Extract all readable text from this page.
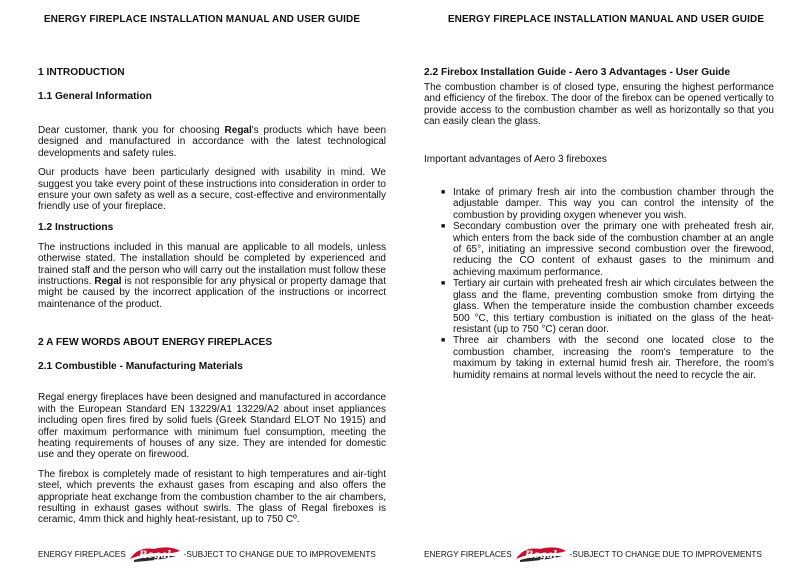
ENERGY FIREPLACE INSTALLATION MANUAL AND USER GUIDE
1 INTRODUCTION
1.1 General Information

Dear customer, thank you for choosing Regal's products which have been designed and manufactured in accordance with the latest technological developments and safety rules.

Our products have been particularly designed with usability in mind. We suggest you take every point of these instructions into consideration in order to ensure your own safety as well as a secure, cost-effective and environmentally friendly use of your fireplace.

1.2 Instructions

The instructions included in this manual are applicable to all models, unless otherwise stated. The installation should be completed by experienced and trained staff and the person who will carry out the installation must follow these instructions. Regal is not responsible for any physical or property damage that might be caused by the incorrect application of the instructions or incorrect maintenance of the product.

2 A FEW WORDS ABOUT ENERGY FIREPLACES
2.1 Combustible - Manufacturing Materials

Regal energy fireplaces have been designed and manufactured in accordance with the European Standard EN 13229/A1 13229/A2 about inset appliances including open fires fired by solid fuels (Greek Standard ELOT No 1915) and offer maximum performance with minimum fuel consumption, meeting the heating requirements of houses of any size. They are intended for domestic use and they operate on firewood.

The firebox is completely made of resistant to high temperatures and air-tight steel, which prevents the exhaust gases from escaping and also offers the appropriate heat exchange from the combustion chamber to the air chambers, resulting in exhaust gases without swirls. The glass of Regal fireboxes is ceramic, 4mm thick and highly heat-resistant, up to 750 Cº.

ENERGY FIREPLACES Regal -SUBJECT TO CHANGE DUE TO IMPROVEMENTS
ENERGY FIREPLACE INSTALLATION MANUAL AND USER GUIDE
2.2 Firebox Installation Guide - Aero 3 Advantages - User Guide

The combustion chamber is of closed type, ensuring the highest performance and efficiency of the firebox. The door of the firebox can be opened vertically to provide access to the combustion chamber as well as horizontally so that you can easily clean the glass.

Important advantages of Aero 3 fireboxes

■ Intake of primary fresh air into the combustion chamber through the adjustable damper. This way you can control the intensity of the combustion by providing oxygen whenever you wish.
■ Secondary combustion over the primary one with preheated fresh air, which enters from the back side of the combustion chamber at an angle of 65°, initiating an impressive second combustion over the firewood, reducing the CO content of exhaust gases to the minimum and achieving maximum performance.
■ Tertiary air curtain with preheated fresh air which circulates between the glass and the flame, preventing combustion smoke from dirtying the glass. When the temperature inside the combustion chamber exceeds 500 °C, this tertiary combustion is initiated on the glass of the heat-resistant (up to 750 °C) ceran door.
■ Three air chambers with the second one located close to the combustion chamber, increasing the room's temperature to the maximum by taking in external humid fresh air. Therefore, the room's humidity remains at normal levels without the need to recycle the air.
ENERGY FIREPLACES Regal -SUBJECT TO CHANGE DUE TO IMPROVEMENTS
